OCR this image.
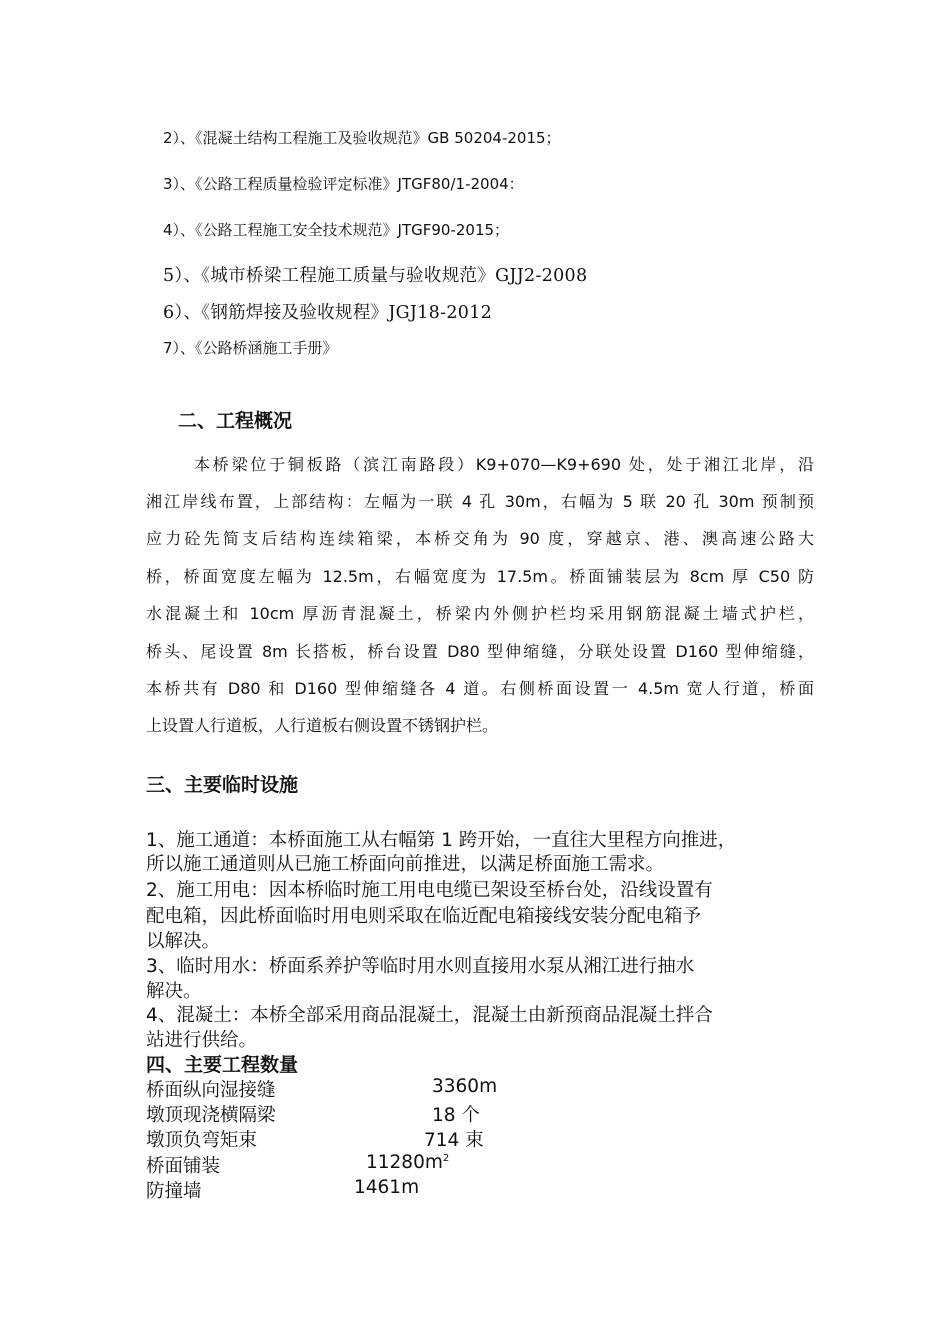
2）、《混凝土结构工程施工及验收规范》GB 50204-2015；
3）、《公路工程质量检验评定标准》JTGF80/1-2004：
4）、《公路工程施工安全技术规范》JTGF90-2015；
5）、《城市桥梁工程施工质量与验收规范》GJJ2-2008
6）、《钢筋焊接及验收规程》JGJ18-2012
7）、《公路桥涵施工手册》
二、工程概况
本桥梁位于铜板路（滨江南路段）K9+070—K9+690 处，处于湘江北岸，沿
湘江岸线布置，上部结构：左幅为一联 4 孔 30m，右幅为 5 联 20 孔 30m 预制预
应力砼先简支后结构连续箱梁，本桥交角为 90 度，穿越京、港、澳高速公路大
桥，桥面宽度左幅为 12.5m，右幅宽度为 17.5m。桥面铺装层为 8cm 厚 C50 防
水混凝土和 10cm 厚沥青混凝土，桥梁内外侧护栏均采用钢筋混凝土墙式护栏，
桥头、尾设置 8m 长搭板，桥台设置 D80 型伸缩缝，分联处设置 D160 型伸缩缝，
本桥共有 D80 和 D160 型伸缩缝各 4 道。右侧桥面设置一 4.5m 宽人行道，桥面
上设置人行道板，人行道板右侧设置不锈钢护栏。
三、主要临时设施
1、施工通道：本桥面施工从右幅第 1 跨开始，一直往大里程方向推进，
所以施工通道则从已施工桥面向前推进，以满足桥面施工需求。
2、施工用电：因本桥临时施工用电电缆已架设至桥台处，沿线设置有
配电箱，因此桥面临时用电则采取在临近配电箱接线安装分配电箱予
以解决。
3、临时用水：桥面系养护等临时用水则直接用水泵从湘江进行抽水
解决。
4、混凝土：本桥全部采用商品混凝土，混凝土由新预商品混凝土拌合
站进行供给。
四、主要工程数量
桥面纵向湿接缝	3360m
墩顶现浇横隔梁	18 个
墩顶负弯矩束	714 束
桥面铺装	$11280m^2$
防撞墙	1461m
